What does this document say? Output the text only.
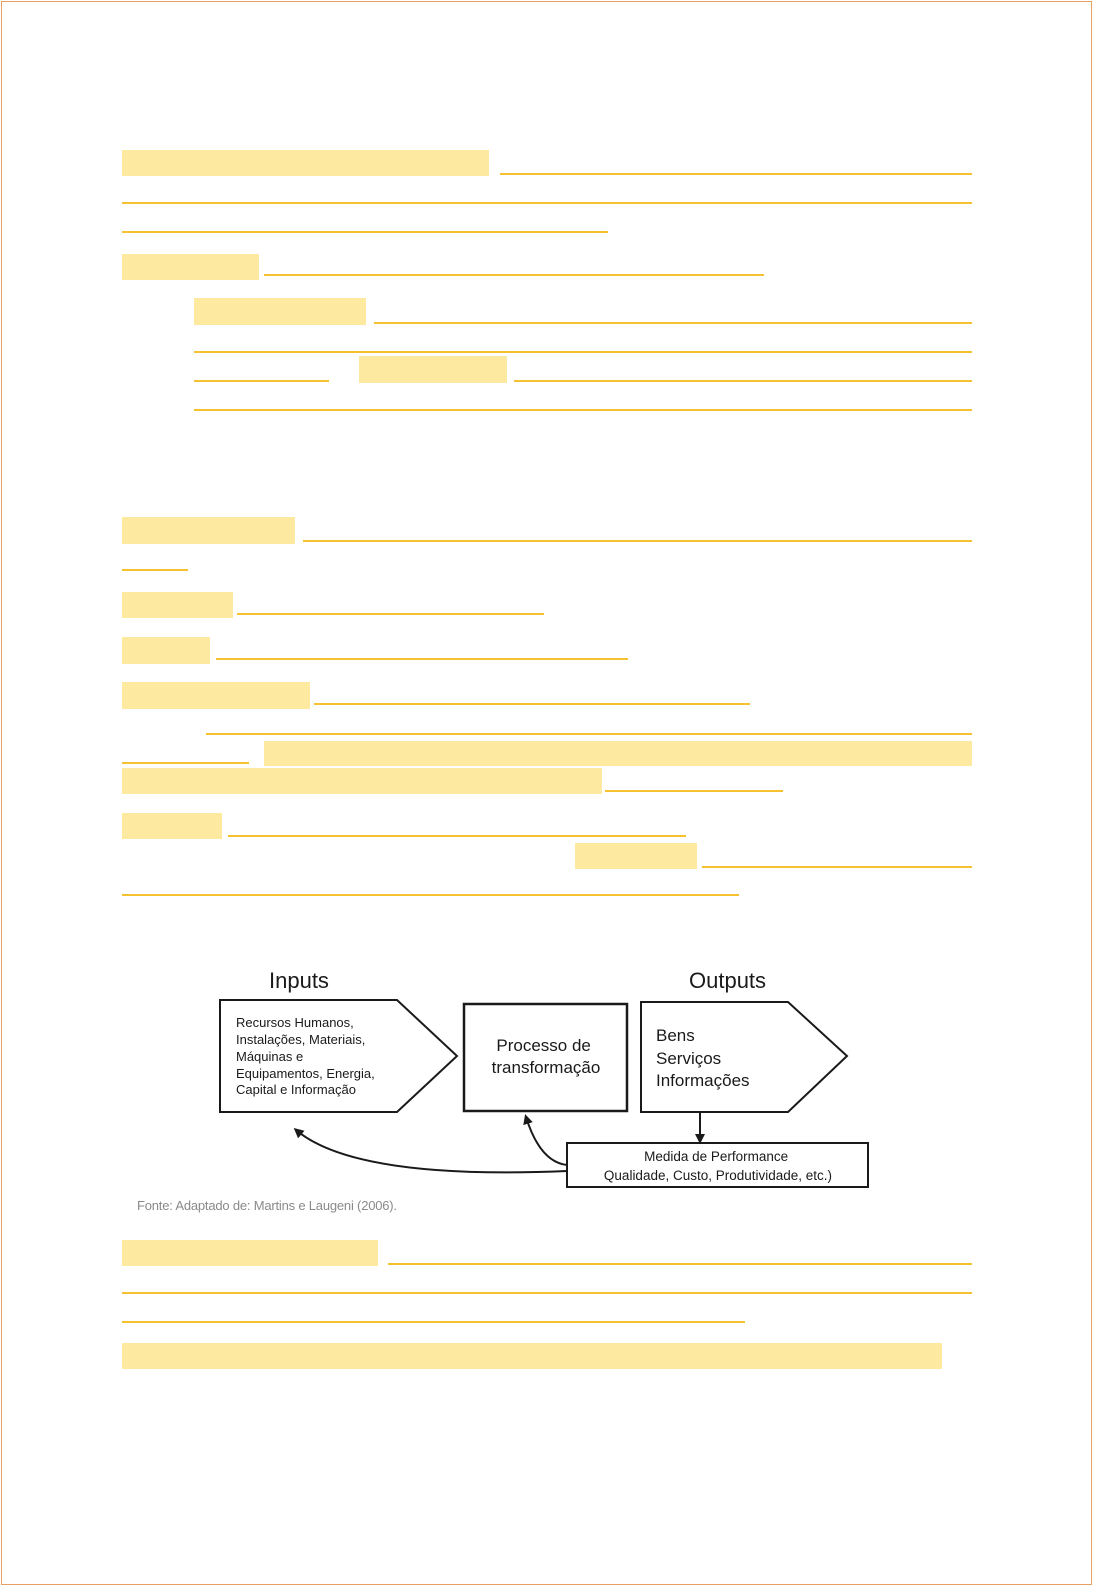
Inputs	Outputs
Recursos Humanos, Instalações, Materiais, Máquinas e Equipamentos, Energia, Capital e Informação
Processo de transformação
Bens Serviços Informações
Medida de Performance Qualidade, Custo, Produtividade, etc.)
Fonte: Adaptado de: Martins e Laugeni (2006).
